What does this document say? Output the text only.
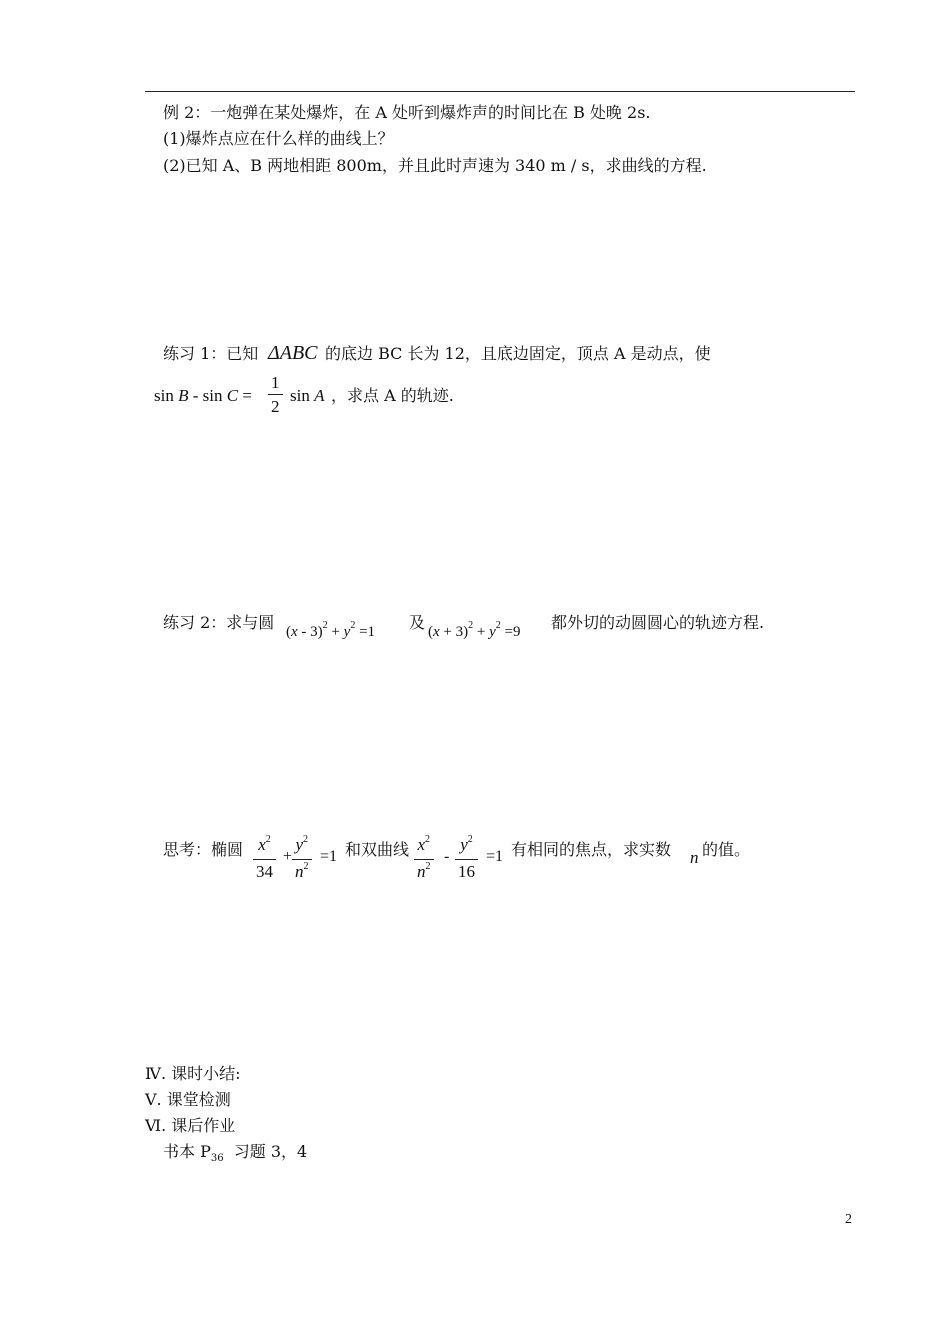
例 2：一炮弹在某处爆炸，在 A 处听到爆炸声的时间比在 B 处晚 2s.
(1)爆炸点应在什么样的曲线上？
(2)已知 A、B 两地相距 800m，并且此时声速为 340 m / s，求曲线的方程.
练习 1：已知 ΔABC 的底边 BC 长为 12，且底边固定，顶点 A 是动点，使
$\sin B - \sin C = \frac{1}{2}$ sin A ，求点 A 的轨迹.
练习 2：求与圆 $(x - 3)^2 + y^2 =1$ 及 $(x + 3)^2 + y^2 =9$ 都外切的动圆圆心的轨迹方程.
思考：椭圆 $\frac{x^2}{34} + \frac{y^2}{n^2} =1$ 和双曲线 $\frac{x^2}{n^2} - \frac{y^2}{16} =1$ 有相同的焦点，求实数 n 的值。
Ⅳ. 课时小结:
Ⅴ. 课堂检测
Ⅵ. 课后作业
书本 $P_{36}$  习题 3，4
2
